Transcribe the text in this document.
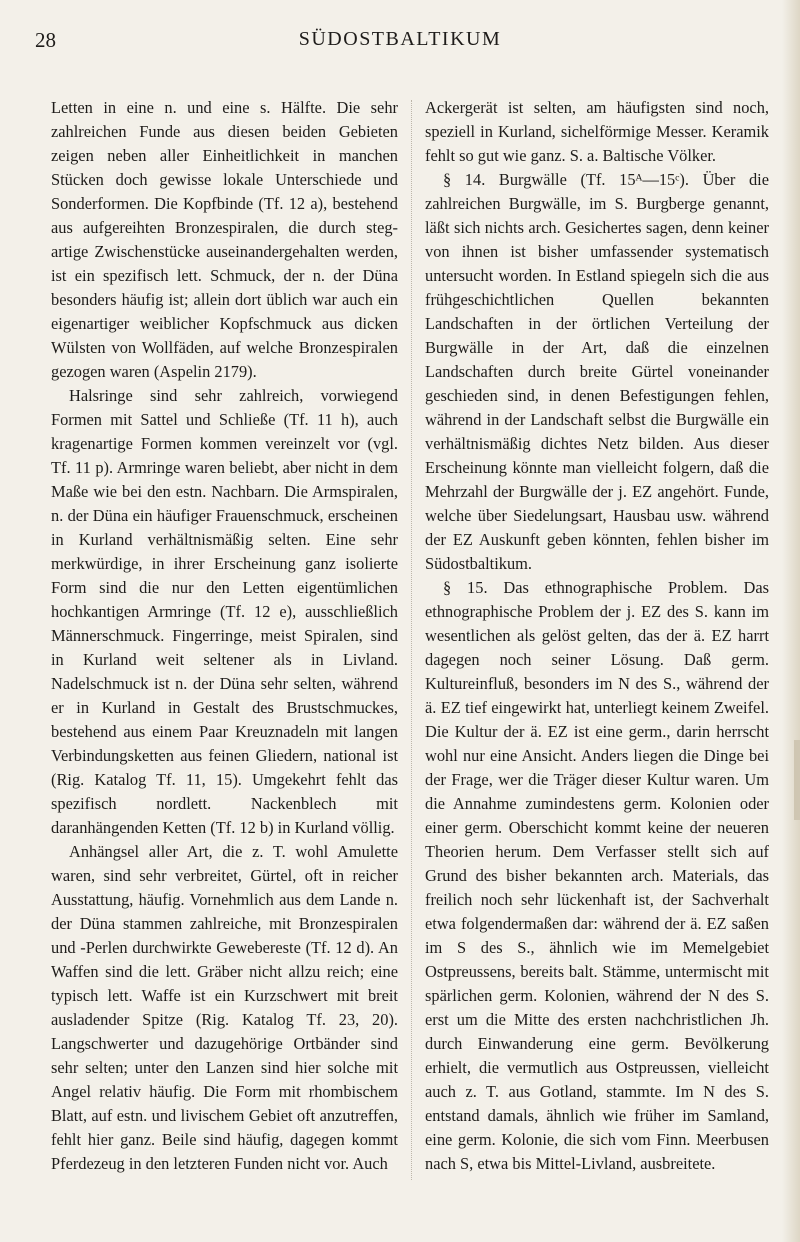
28	SÜDOSTBALTIKUM

Letten in eine n. und eine s. Hälfte. Die sehr zahlreichen Funde aus diesen beiden Gebieten zeigen neben aller Einheitlichkeit in manchen Stücken doch gewisse lokale Unterschiede und Sonderformen. Die Kopfbinde (Tf. 12 a), bestehend aus aufgereihten Bronzespiralen, die durch steg-artige Zwischenstücke auseinandergehalten werden, ist ein spezifisch lett. Schmuck, der n. der Düna besonders häufig ist; allein dort üblich war auch ein eigenartiger weiblicher Kopfschmuck aus dicken Wülsten von Wollfäden, auf welche Bronzespiralen gezogen waren (Aspelin 2179).

Halsringe sind sehr zahlreich, vorwiegend Formen mit Sattel und Schließe (Tf. 11 h), auch kragenartige Formen kommen vereinzelt vor (vgl. Tf. 11 p). Armringe waren beliebt, aber nicht in dem Maße wie bei den estn. Nachbarn. Die Armspiralen, n. der Düna ein häufiger Frauenschmuck, erscheinen in Kurland verhältnismäßig selten. Eine sehr merkwürdige, in ihrer Erscheinung ganz isolierte Form sind die nur den Letten eigentümlichen hochkantigen Armringe (Tf. 12 e), ausschließlich Männerschmuck. Fingerringe, meist Spiralen, sind in Kurland weit seltener als in Livland. Nadelschmuck ist n. der Düna sehr selten, während er in Kurland in Gestalt des Brustschmuckes, bestehend aus einem Paar Kreuznadeln mit langen Verbindungsketten aus feinen Gliedern, national ist (Rig. Katalog Tf. 11, 15). Umgekehrt fehlt das spezifisch nordlett. Nackenblech mit daranhängenden Ketten (Tf. 12 b) in Kurland völlig.

Anhängsel aller Art, die z. T. wohl Amulette waren, sind sehr verbreitet, Gürtel, oft in reicher Ausstattung, häufig. Vornehmlich aus dem Lande n. der Düna stammen zahlreiche, mit Bronzespiralen und -Perlen durchwirkte Gewebereste (Tf. 12 d). An Waffen sind die lett. Gräber nicht allzu reich; eine typisch lett. Waffe ist ein Kurzschwert mit breit ausladender Spitze (Rig. Katalog Tf. 23, 20). Langschwerter und dazugehörige Ortbänder sind sehr selten; unter den Lanzen sind hier solche mit Angel relativ häufig. Die Form mit rhombischem Blatt, auf estn. und livischem Gebiet oft anzutreffen, fehlt hier ganz. Beile sind häufig, dagegen kommt Pferdezeug in den letzteren Funden nicht vor. Auch

Ackergerät ist selten, am häufigsten sind noch, speziell in Kurland, sichelförmige Messer. Keramik fehlt so gut wie ganz. S. a. Baltische Völker.

§ 14. Burgwälle (Tf. 15ᴬ—15ᶜ). Über die zahlreichen Burgwälle, im S. Burgberge genannt, läßt sich nichts arch. Gesichertes sagen, denn keiner von ihnen ist bisher umfassender systematisch untersucht worden. In Estland spiegeln sich die aus frühgeschichtlichen Quellen bekannten Landschaften in der örtlichen Verteilung der Burgwälle in der Art, daß die einzelnen Landschaften durch breite Gürtel voneinander geschieden sind, in denen Befestigungen fehlen, während in der Landschaft selbst die Burgwälle ein verhältnismäßig dichtes Netz bilden. Aus dieser Erscheinung könnte man vielleicht folgern, daß die Mehrzahl der Burgwälle der j. EZ angehört. Funde, welche über Siedelungsart, Hausbau usw. während der EZ Auskunft geben könnten, fehlen bisher im Südostbaltikum.

§ 15. Das ethnographische Problem. Das ethnographische Problem der j. EZ des S. kann im wesentlichen als gelöst gelten, das der ä. EZ harrt dagegen noch seiner Lösung. Daß germ. Kultureinfluß, besonders im N des S., während der ä. EZ tief eingewirkt hat, unterliegt keinem Zweifel. Die Kultur der ä. EZ ist eine germ., darin herrscht wohl nur eine Ansicht. Anders liegen die Dinge bei der Frage, wer die Träger dieser Kultur waren. Um die Annahme zumindestens germ. Kolonien oder einer germ. Oberschicht kommt keine der neueren Theorien herum. Dem Verfasser stellt sich auf Grund des bisher bekannten arch. Materials, das freilich noch sehr lückenhaft ist, der Sachverhalt etwa folgendermaßen dar: während der ä. EZ saßen im S des S., ähnlich wie im Memelgebiet Ostpreussens, bereits balt. Stämme, untermischt mit spärlichen germ. Kolonien, während der N des S. erst um die Mitte des ersten nachchristlichen Jh. durch Einwanderung eine germ. Bevölkerung erhielt, die vermutlich aus Ostpreussen, vielleicht auch z. T. aus Gotland, stammte. Im N des S. entstand damals, ähnlich wie früher im Samland, eine germ. Kolonie, die sich vom Finn. Meerbusen nach S, etwa bis Mittel-Livland, ausbreitete.
